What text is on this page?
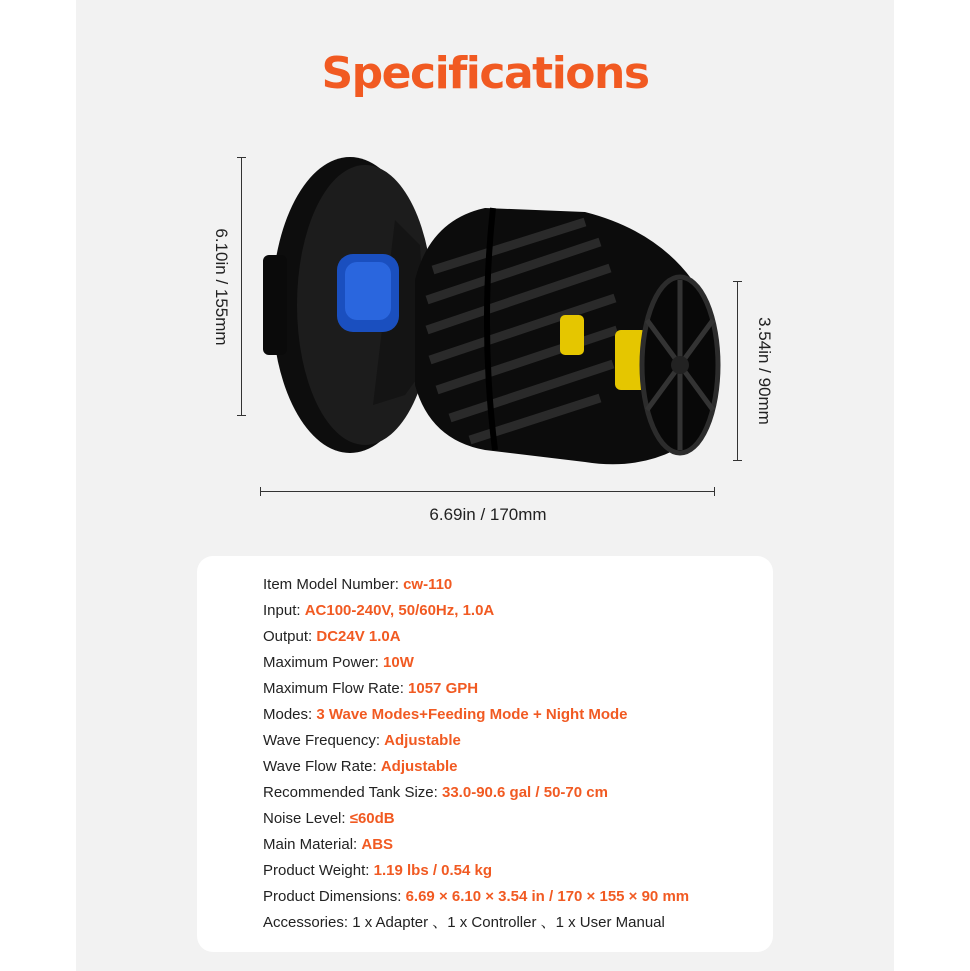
Specifications
6.10in / 155mm
3.54in / 90mm
6.69in / 170mm
Item Model Number: cw-110
Input: AC100-240V, 50/60Hz, 1.0A
Output: DC24V 1.0A
Maximum Power: 10W
Maximum Flow Rate: 1057 GPH
Modes: 3 Wave Modes+Feeding Mode + Night Mode
Wave Frequency: Adjustable
Wave Flow Rate: Adjustable
Recommended Tank Size: 33.0-90.6 gal / 50-70 cm
Noise Level: ≤60dB
Main Material: ABS
Product Weight: 1.19 lbs / 0.54 kg
Product Dimensions: 6.69 × 6.10 × 3.54 in / 170 × 155 × 90 mm
Accessories: 1 x Adapter 、1 x Controller 、1 x User Manual
